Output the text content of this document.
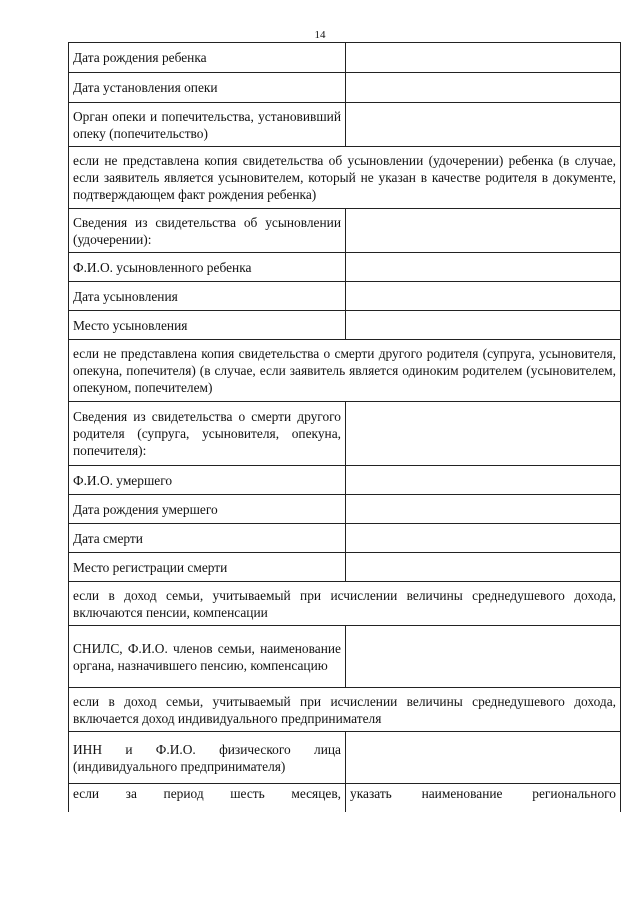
14
Дата рождения ребенка	
Дата установления опеки	
Орган опеки и попечительства, установивший опеку (попечительство)	
если не представлена копия свидетельства об усыновлении (удочерении) ребенка (в случае, если заявитель является усыновителем, который не указан в качестве родителя в документе, подтверждающем факт рождения ребенка)	
Сведения из свидетельства об усыновлении (удочерении):	
Ф.И.О. усыновленного ребенка	
Дата усыновления	
Место усыновления	
если не представлена копия свидетельства о смерти другого родителя (супруга, усыновителя, опекуна, попечителя) (в случае, если заявитель является одиноким родителем (усыновителем, опекуном, попечителем)	
Сведения из свидетельства о смерти другого родителя (супруга, усыновителя, опекуна, попечителя):	
Ф.И.О. умершего	
Дата рождения умершего	
Дата смерти	
Место регистрации смерти	
если в доход семьи, учитываемый при исчислении величины среднедушевого дохода, включаются пенсии, компенсации	
СНИЛС, Ф.И.О. членов семьи, наименование органа, назначившего пенсию, компенсацию	
если в доход семьи, учитываемый при исчислении величины среднедушевого дохода, включается доход индивидуального предпринимателя	
ИНН и Ф.И.О. физического лица (индивидуального предпринимателя)	
если за период шесть месяцев,	указать наименование регионального
